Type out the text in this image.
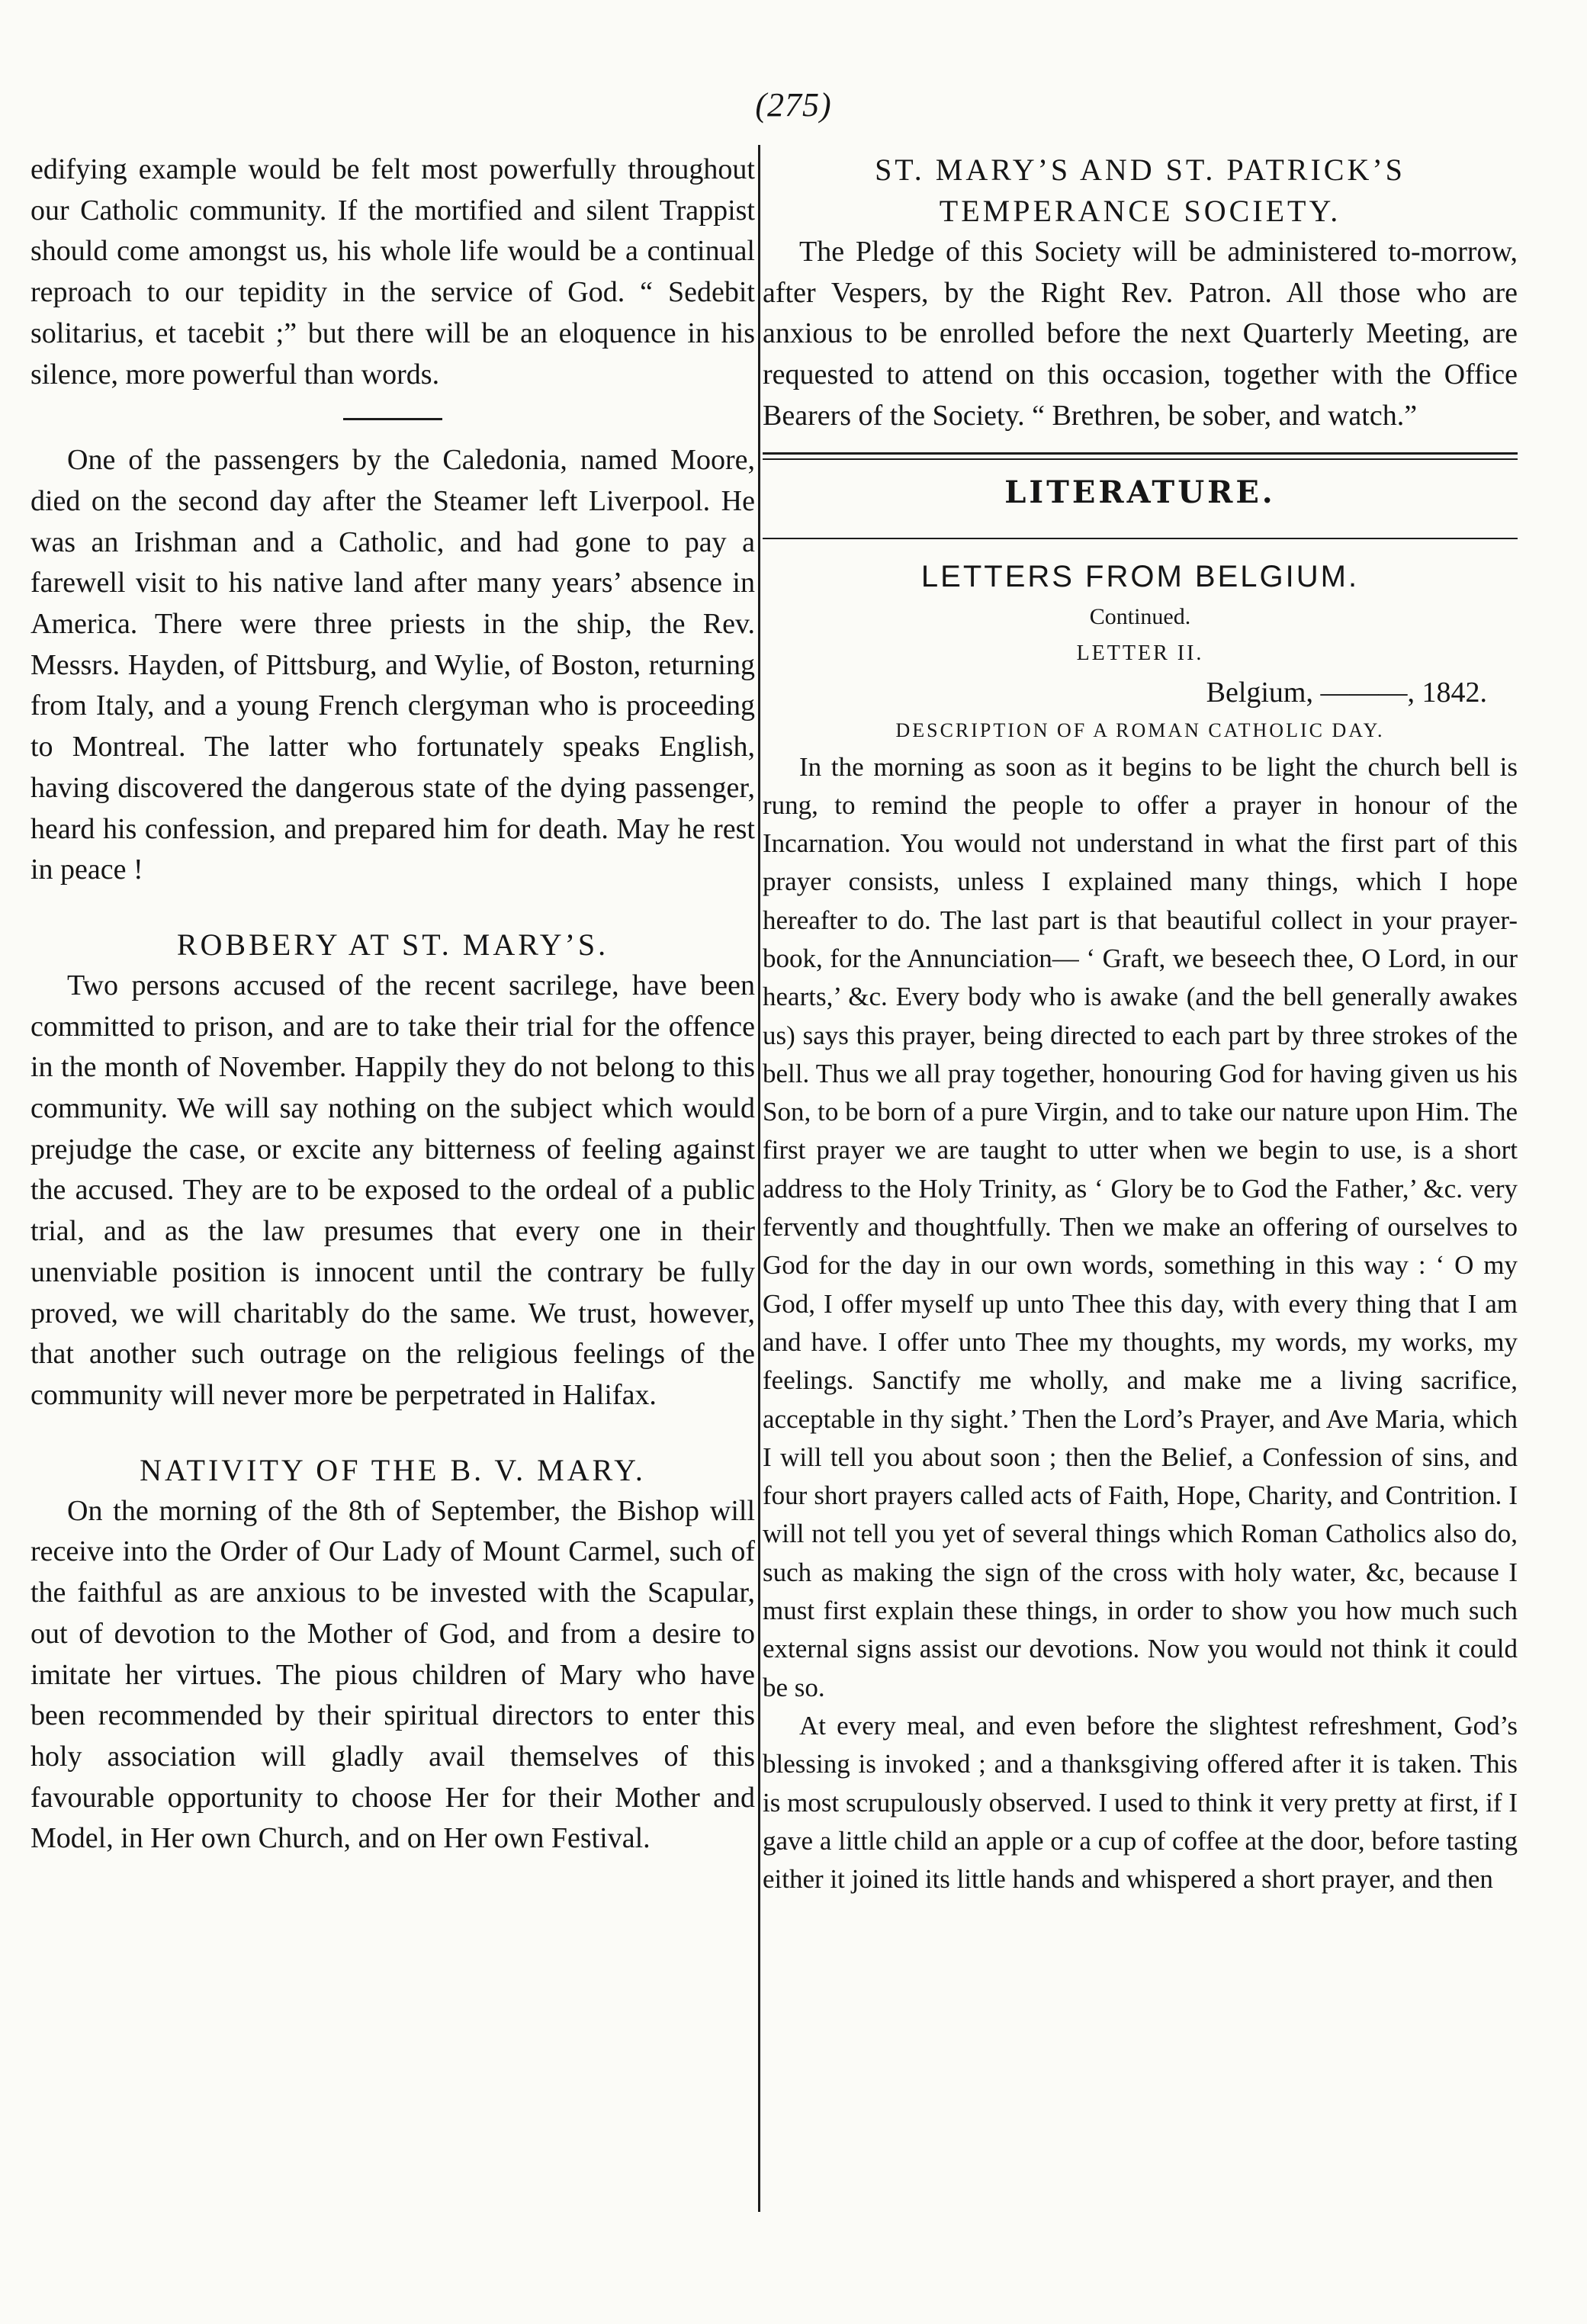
(275)

edifying example would be felt most powerfully throughout our Catholic community. If the mortified and silent Trappist should come amongst us, his whole life would be a continual reproach to our tepidity in the service of God. “ Sedebit solitarius, et tacebit ;” but there will be an eloquence in his silence, more powerful than words.

One of the passengers by the Caledonia, named Moore, died on the second day after the Steamer left Liverpool. He was an Irishman and a Catholic, and had gone to pay a farewell visit to his native land after many years’ absence in America. There were three priests in the ship, the Rev. Messrs. Hayden, of Pittsburg, and Wylie, of Boston, returning from Italy, and a young French clergyman who is proceeding to Montreal. The latter who fortunately speaks English, having discovered the dangerous state of the dying passenger, heard his confession, and prepared him for death. May he rest in peace !

ROBBERY AT ST. MARY’S.

Two persons accused of the recent sacrilege, have been committed to prison, and are to take their trial for the offence in the month of November. Happily they do not belong to this community. We will say nothing on the subject which would prejudge the case, or excite any bitterness of feeling against the accused. They are to be exposed to the ordeal of a public trial, and as the law presumes that every one in their unenviable position is innocent until the contrary be fully proved, we will charitably do the same. We trust, however, that another such outrage on the religious feelings of the community will never more be perpetrated in Halifax.

NATIVITY OF THE B. V. MARY.

On the morning of the 8th of September, the Bishop will receive into the Order of Our Lady of Mount Carmel, such of the faithful as are anxious to be invested with the Scapular, out of devotion to the Mother of God, and from a desire to imitate her virtues. The pious children of Mary who have been recommended by their spiritual directors to enter this holy association will gladly avail themselves of this favourable opportunity to choose Her for their Mother and Model, in Her own Church, and on Her own Festival.

ST. MARY’S AND ST. PATRICK’S
TEMPERANCE SOCIETY.

The Pledge of this Society will be administered to-morrow, after Vespers, by the Right Rev. Patron. All those who are anxious to be enrolled before the next Quarterly Meeting, are requested to attend on this occasion, together with the Office Bearers of the Society. “ Brethren, be sober, and watch.”

LITERATURE.
LETTERS FROM BELGIUM.
Continued.
LETTER II.
Belgium, ———, 1842.
DESCRIPTION OF A ROMAN CATHOLIC DAY.

In the morning as soon as it begins to be light the church bell is rung, to remind the people to offer a prayer in honour of the Incarnation. You would not understand in what the first part of this prayer consists, unless I explained many things, which I hope hereafter to do. The last part is that beautiful collect in your prayer-book, for the Annunciation— ‘ Graft, we beseech thee, O Lord, in our hearts,’ &c. Every body who is awake (and the bell generally awakes us) says this prayer, being directed to each part by three strokes of the bell. Thus we all pray together, honouring God for having given us his Son, to be born of a pure Virgin, and to take our nature upon Him. The first prayer we are taught to utter when we begin to use, is a short address to the Holy Trinity, as ‘ Glory be to God the Father,’ &c. very fervently and thoughtfully. Then we make an offering of ourselves to God for the day in our own words, something in this way : ‘ O my God, I offer myself up unto Thee this day, with every thing that I am and have. I offer unto Thee my thoughts, my words, my works, my feelings. Sanctify me wholly, and make me a living sacrifice, acceptable in thy sight.’ Then the Lord’s Prayer, and Ave Maria, which I will tell you about soon ; then the Belief, a Confession of sins, and four short prayers called acts of Faith, Hope, Charity, and Contrition. I will not tell you yet of several things which Roman Catholics also do, such as making the sign of the cross with holy water, &c, because I must first explain these things, in order to show you how much such external signs assist our devotions. Now you would not think it could be so.

At every meal, and even before the slightest refreshment, God’s blessing is invoked ; and a thanksgiving offered after it is taken. This is most scrupulously observed. I used to think it very pretty at first, if I gave a little child an apple or a cup of coffee at the door, before tasting either it joined its little hands and whispered a short prayer, and then
